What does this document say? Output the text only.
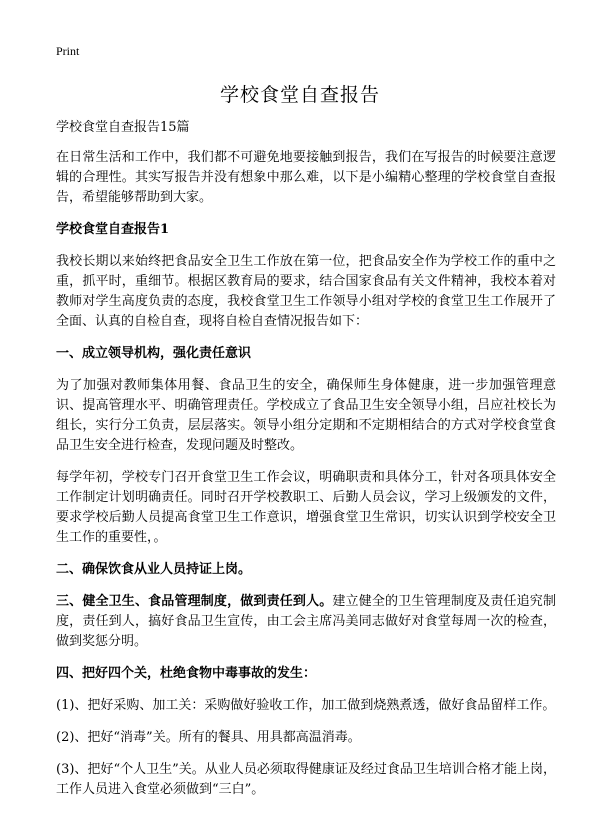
Print
学校食堂自查报告

学校食堂自查报告15篇

在日常生活和工作中，我们都不可避免地要接触到报告，我们在写报告的时候要注意逻辑的合理性。其实写报告并没有想象中那么难，以下是小编精心整理的学校食堂自查报告，希望能够帮助到大家。

学校食堂自查报告1

我校长期以来始终把食品安全卫生工作放在第一位，把食品安全作为学校工作的重中之重，抓平时，重细节。根据区教育局的要求，结合国家食品有关文件精神，我校本着对教师对学生高度负责的态度，我校食堂卫生工作领导小组对学校的食堂卫生工作展开了全面、认真的自检自查，现将自检自查情况报告如下：

一、成立领导机构，强化责任意识

为了加强对教师集体用餐、食品卫生的安全，确保师生身体健康，进一步加强管理意识、提高管理水平、明确管理责任。学校成立了食品卫生安全领导小组，吕应社校长为组长，实行分工负责，层层落实。领导小组分定期和不定期相结合的方式对学校食堂食品卫生安全进行检查，发现问题及时整改。

每学年初，学校专门召开食堂卫生工作会议，明确职责和具体分工，针对各项具体安全工作制定计划明确责任。同时召开学校教职工、后勤人员会议，学习上级颁发的文件，要求学校后勤人员提高食堂卫生工作意识，增强食堂卫生常识，切实认识到学校安全卫生工作的重要性，。

二、确保饮食从业人员持证上岗。

三、健全卫生、食品管理制度，做到责任到人。建立健全的卫生管理制度及责任追究制度，责任到人，搞好食品卫生宣传，由工会主席冯美同志做好对食堂每周一次的检查，做到奖惩分明。

四、把好四个关，杜绝食物中毒事故的发生：

(1)、把好采购、加工关：采购做好验收工作，加工做到烧熟煮透，做好食品留样工作。

(2)、把好“消毒”关。所有的餐具、用具都高温消毒。

(3)、把好“个人卫生”关。从业人员必须取得健康证及经过食品卫生培训合格才能上岗，工作人员进入食堂必须做到“三白”。
